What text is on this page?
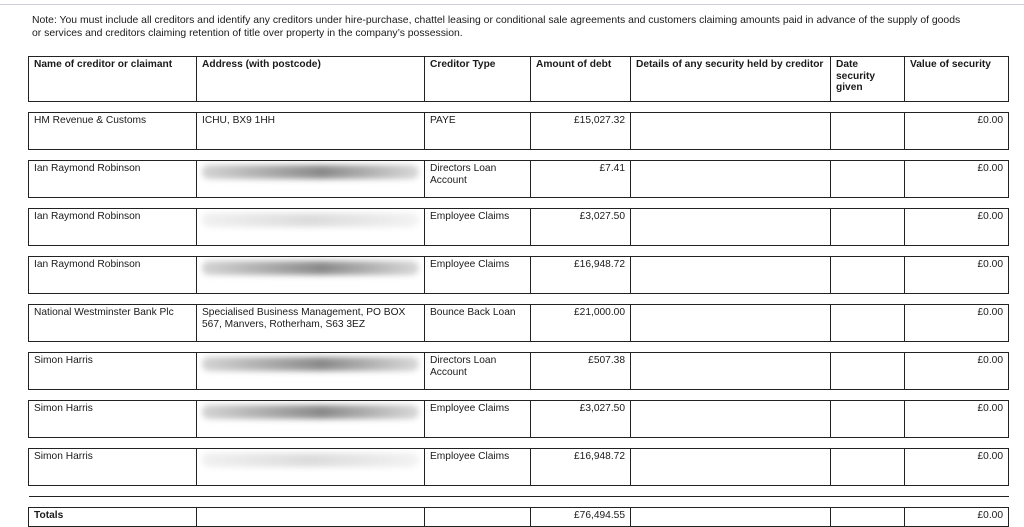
Note: You must include all creditors and identify any creditors under hire-purchase, chattel leasing or conditional sale agreements and customers claiming amounts paid in advance of the supply of goods or services and creditors claiming retention of title over property in the company’s possession.
Name of creditor or claimant	Address (with postcode)	Creditor Type	Amount of debt	Details of any security held by creditor	Date security given	Value of security

HM Revenue & Customs	ICHU, BX9 1HH	PAYE	£15,027.32			£0.00

Ian Raymond Robinson		Directors Loan Account	£7.41			£0.00

Ian Raymond Robinson		Employee Claims	£3,027.50			£0.00

Ian Raymond Robinson		Employee Claims	£16,948.72			£0.00

National Westminster Bank Plc	Specialised Business Management, PO BOX 567, Manvers, Rotherham, S63 3EZ	Bounce Back Loan	£21,000.00			£0.00

Simon Harris		Directors Loan Account	£507.38			£0.00

Simon Harris		Employee Claims	£3,027.50			£0.00

Simon Harris		Employee Claims	£16,948.72			£0.00

Totals			£76,494.55			£0.00
